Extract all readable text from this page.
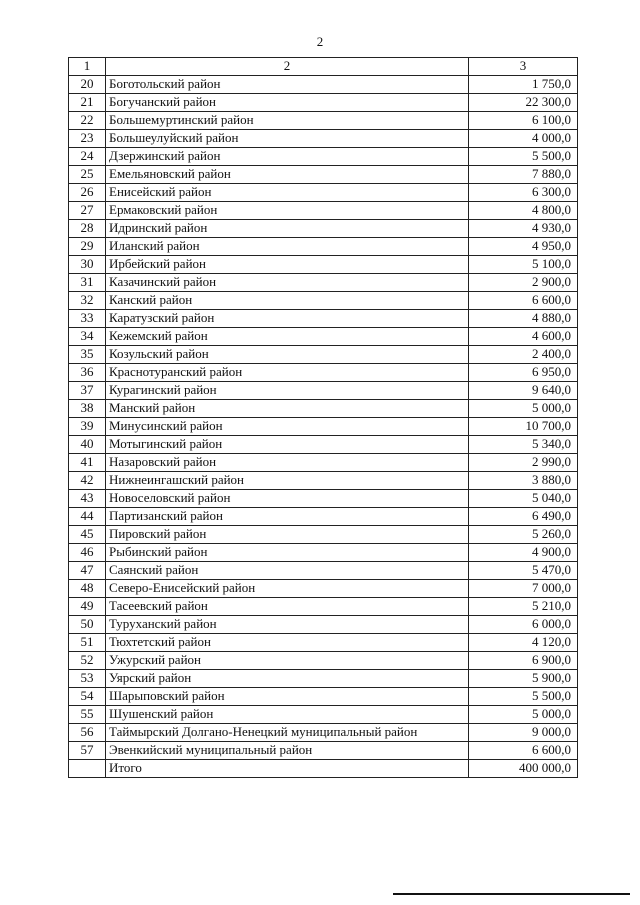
2
1	2	3
20	Боготольский район	1 750,0
21	Богучанский район	22 300,0
22	Большемуртинский район	6 100,0
23	Большеулуйский район	4 000,0
24	Дзержинский район	5 500,0
25	Емельяновский район	7 880,0
26	Енисейский район	6 300,0
27	Ермаковский район	4 800,0
28	Идринский район	4 930,0
29	Иланский район	4 950,0
30	Ирбейский район	5 100,0
31	Казачинский район	2 900,0
32	Канский район	6 600,0
33	Каратузский район	4 880,0
34	Кежемский район	4 600,0
35	Козульский район	2 400,0
36	Краснотуранский район	6 950,0
37	Курагинский район	9 640,0
38	Манский район	5 000,0
39	Минусинский район	10 700,0
40	Мотыгинский район	5 340,0
41	Назаровский район	2 990,0
42	Нижнеингашский район	3 880,0
43	Новоселовский район	5 040,0
44	Партизанский район	6 490,0
45	Пировский район	5 260,0
46	Рыбинский район	4 900,0
47	Саянский район	5 470,0
48	Северо-Енисейский район	7 000,0
49	Тасеевский район	5 210,0
50	Туруханский район	6 000,0
51	Тюхтетский район	4 120,0
52	Ужурский район	6 900,0
53	Уярский район	5 900,0
54	Шарыповский район	5 500,0
55	Шушенский район	5 000,0
56	Таймырский Долгано-Ненецкий муниципальный район	9 000,0
57	Эвенкийский муниципальный район	6 600,0
	Итого	400 000,0
